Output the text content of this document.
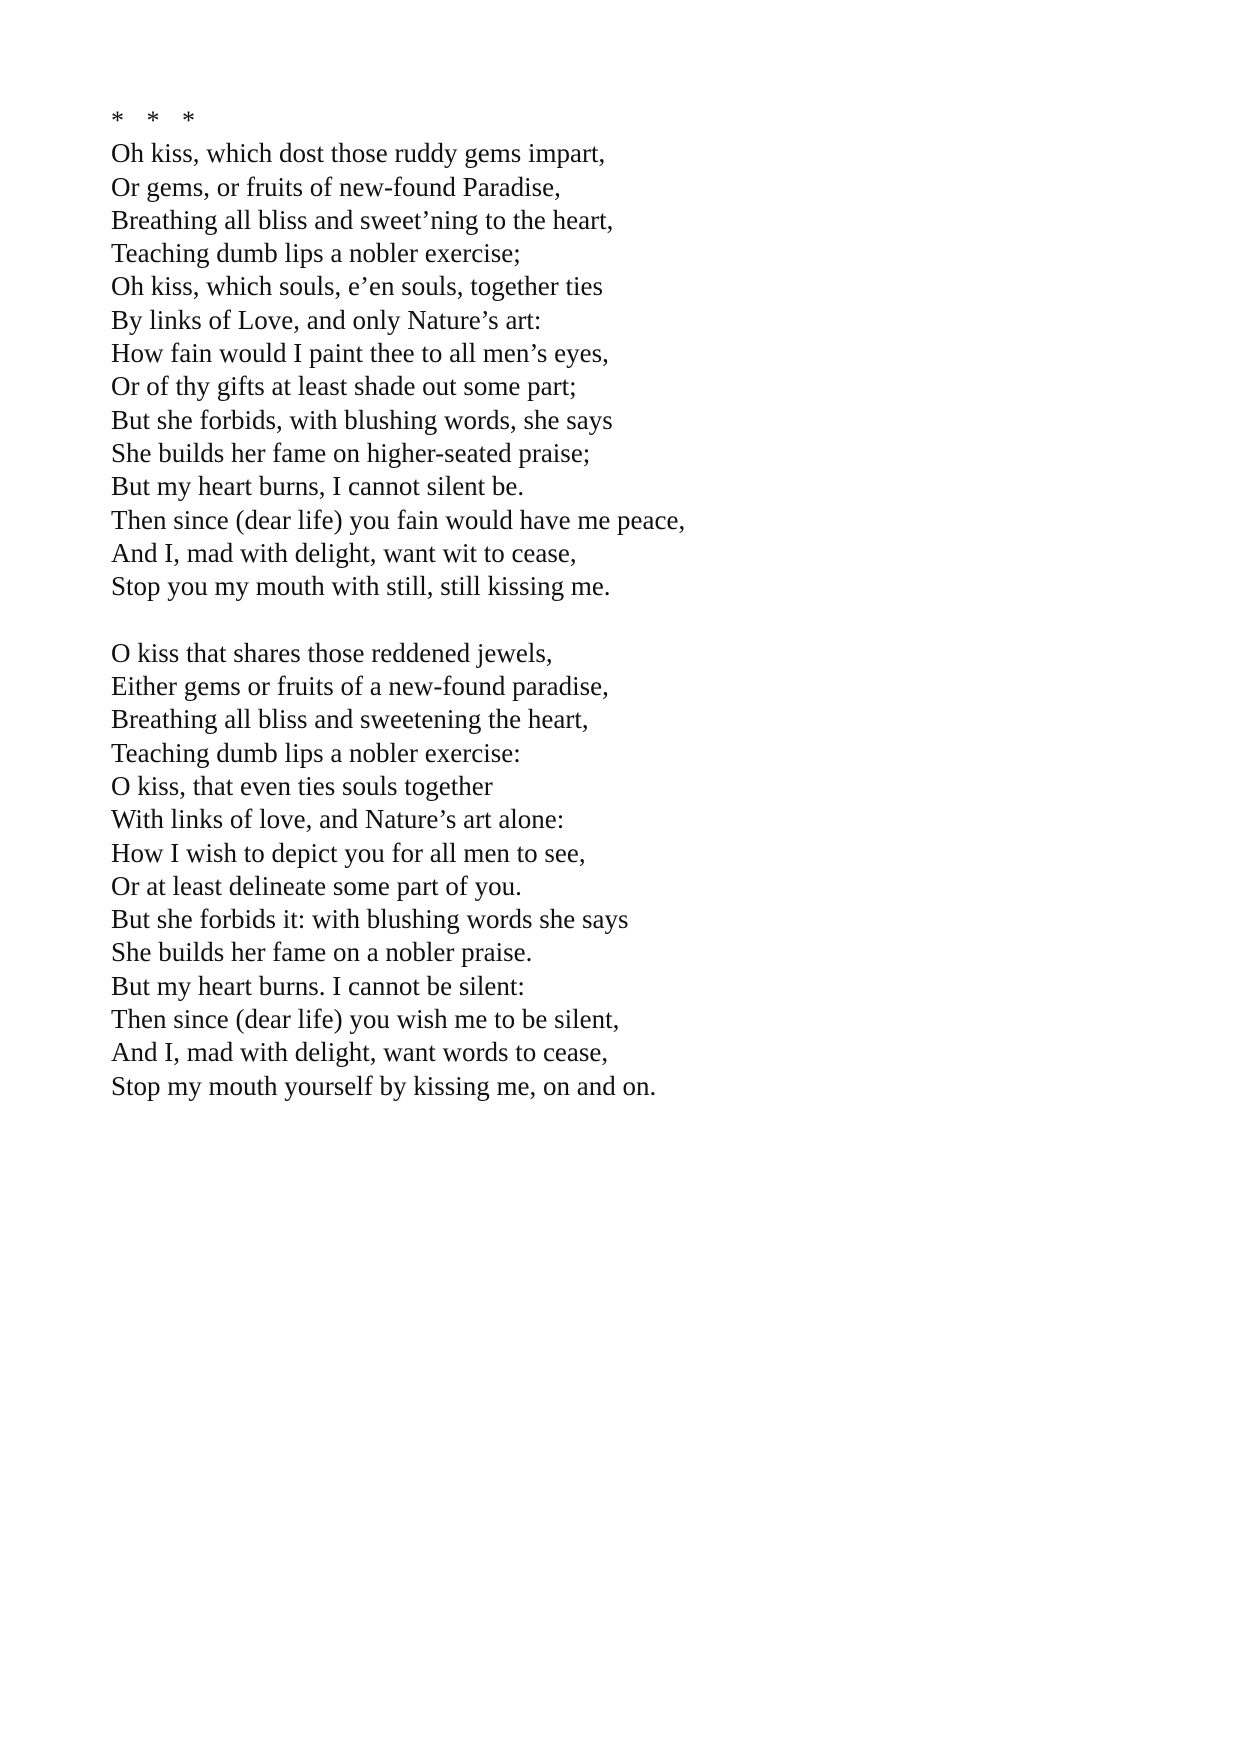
* * *

Oh kiss, which dost those ruddy gems impart,
Or gems, or fruits of new-found Paradise,
Breathing all bliss and sweet’ning to the heart,
Teaching dumb lips a nobler exercise;
Oh kiss, which souls, e’en souls, together ties
By links of Love, and only Nature’s art:
How fain would I paint thee to all men’s eyes,
Or of thy gifts at least shade out some part;
But she forbids, with blushing words, she says
She builds her fame on higher-seated praise;
But my heart burns, I cannot silent be.
Then since (dear life) you fain would have me peace,
And I, mad with delight, want wit to cease,
Stop you my mouth with still, still kissing me.
O kiss that shares those reddened jewels,
Either gems or fruits of a new-found paradise,
Breathing all bliss and sweetening the heart,
Teaching dumb lips a nobler exercise:
O kiss, that even ties souls together
With links of love, and Nature’s art alone:
How I wish to depict you for all men to see,
Or at least delineate some part of you.
But she forbids it: with blushing words she says
She builds her fame on a nobler praise.
But my heart burns. I cannot be silent:
Then since (dear life) you wish me to be silent,
And I, mad with delight, want words to cease,
Stop my mouth yourself by kissing me, on and on.
